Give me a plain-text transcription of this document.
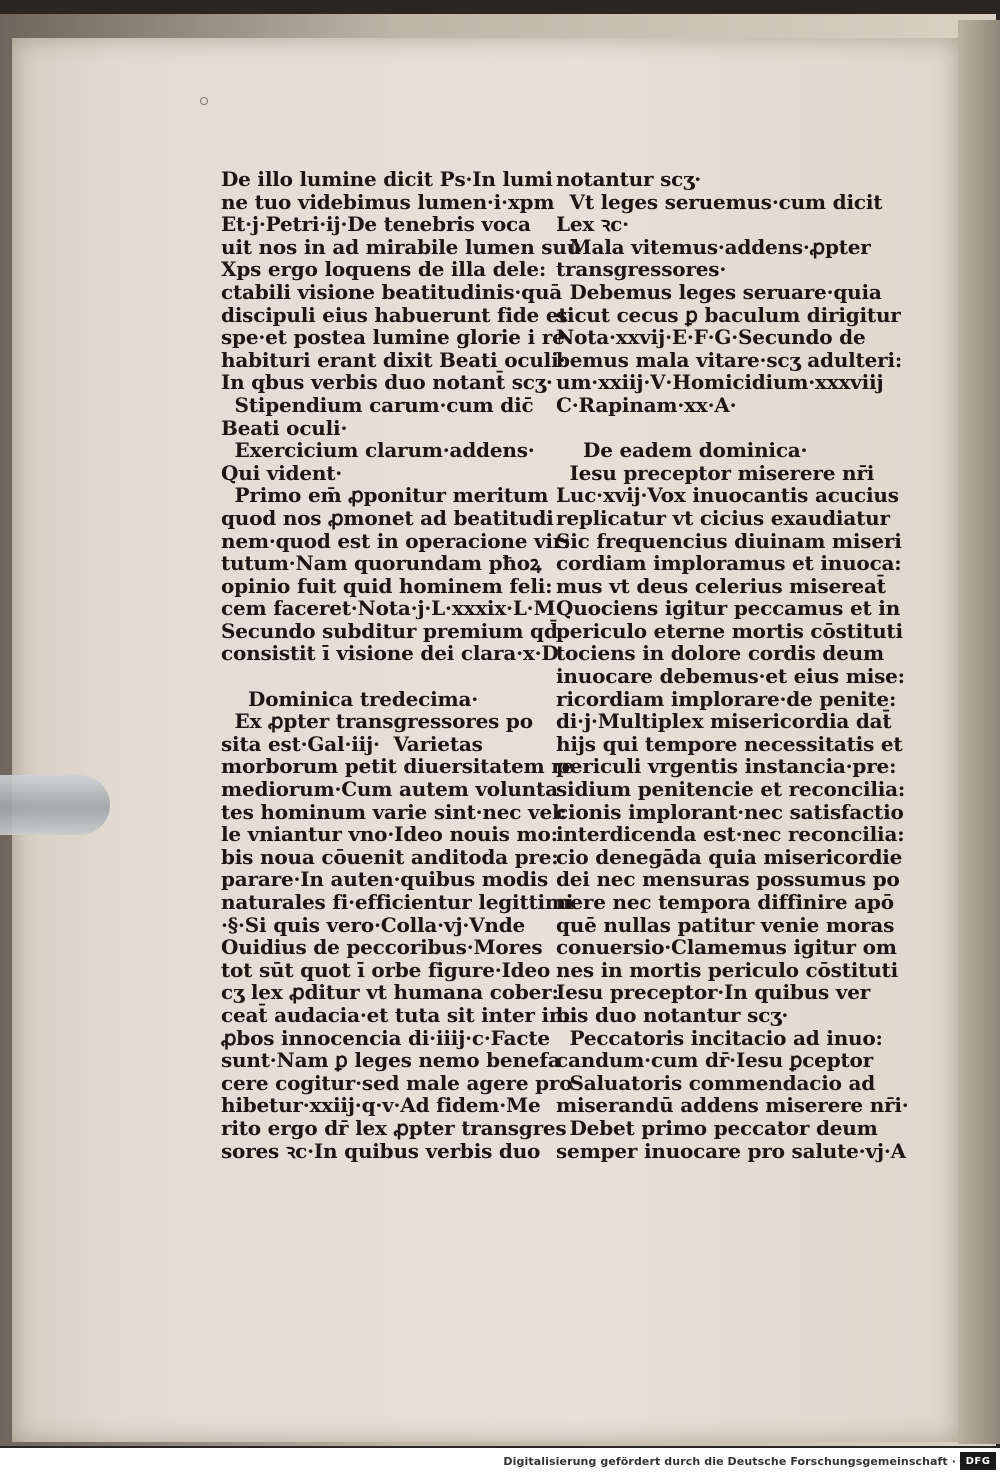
De illo lumine dicit Ps·In lumi
ne tuo videbimus lumen·i·xpm
Et·j·Petri·ij·De tenebris voca
uit nos in ad mirabile lumen suū
Xps ergo loquens de illa dele:
ctabili visione beatitudinis·quā
discipuli eius habuerunt fide et
spe·et postea lumine glorie i re
habituri erant dixit Beati oculi·
In qbus verbis duo notant̄ scʒ·
Stipendium carum·cum dic̄
Beati oculi·
Exercicium clarum·addens·
Qui vident·
Primo em̄ ꝓponitur meritum
quod nos ꝓmonet ad beatitudi
nem·quod est in operacione vir:
tutum·Nam quorundam pħoꝝ
opinio fuit quid hominem feli:
cem faceret·Nota·j·L·xxxix·L·M
Secundo subditur premium qd̄
consistit ī visione dei clara·x·D
Dominica tredecima·
Ex ꝓpter transgressores po
sita est·Gal·iij·  Varietas
morborum petit diuersitatem re
mediorum·Cum autem volunta
tes hominum varie sint·nec vel:
le vniantur vno·Ideo nouis mo:
bis noua cōuenit anditoda pre:
parare·In auten·quibus modis
naturales fi·efficientur legittimi
·§·Si quis vero·Colla·vj·Vnde
Ouidius de peccoribus·Mores
tot sūt quot ī orbe figure·Ideo
cʒ lex ꝓditur vt humana cober:
ceat̄ audacia·et tuta sit inter im:
ꝓbos innocencia di·iiij·c·Facte
sunt·Nam ꝑ leges nemo benefa
cere cogitur·sed male agere pro
hibetur·xxiij·q·v·Ad fidem·Me
rito ergo dr̄ lex ꝓpter transgres
sores ꝛc·In quibus verbis duo
notantur scʒ·
Vt leges seruemus·cum dicit
Lex ꝛc·
Mala vitemus·addens·ꝓpter
transgressores·
Debemus leges seruare·quia
sicut cecus ꝑ baculum dirigitur
Nota·xxvij·E·F·G·Secundo de
bemus mala vitare·scʒ adulteri:
um·xxiij·V·Homicidium·xxxviij
C·Rapinam·xx·A·
De eadem dominica·
Iesu preceptor miserere nr̄i
Luc·xvij·Vox inuocantis acucius
replicatur vt cicius exaudiatur
Sic frequencius diuinam miseri
cordiam imploramus et inuoca:
mus vt deus celerius misereat̄
Quociens igitur peccamus et in
periculo eterne mortis cōstituti
tociens in dolore cordis deum
inuocare debemus·et eius mise:
ricordiam implorare·de penite:
di·j·Multiplex misericordia dat̄
hijs qui tempore necessitatis et
periculi vrgentis instancia·pre:
sidium penitencie et reconcilia:
cionis implorant·nec satisfactio
interdicenda est·nec reconcilia:
cio denegāda quia misericordie
dei nec mensuras possumus po
nere nec tempora diffinire apō
quē nullas patitur venie moras
conuersio·Clamemus igitur om
nes in mortis periculo cōstituti
Iesu preceptor·In quibus ver
bis duo notantur scʒ·
Peccatoris incitacio ad inuo:
candum·cum dr̄·Iesu ꝑceptor
Saluatoris commendacio ad
miserandū addens miserere nr̄i·
Debet primo peccator deum
semper inuocare pro salute·vj·A
Digitalisierung gefördert durch die Deutsche Forschungsgemeinschaft · DFG
